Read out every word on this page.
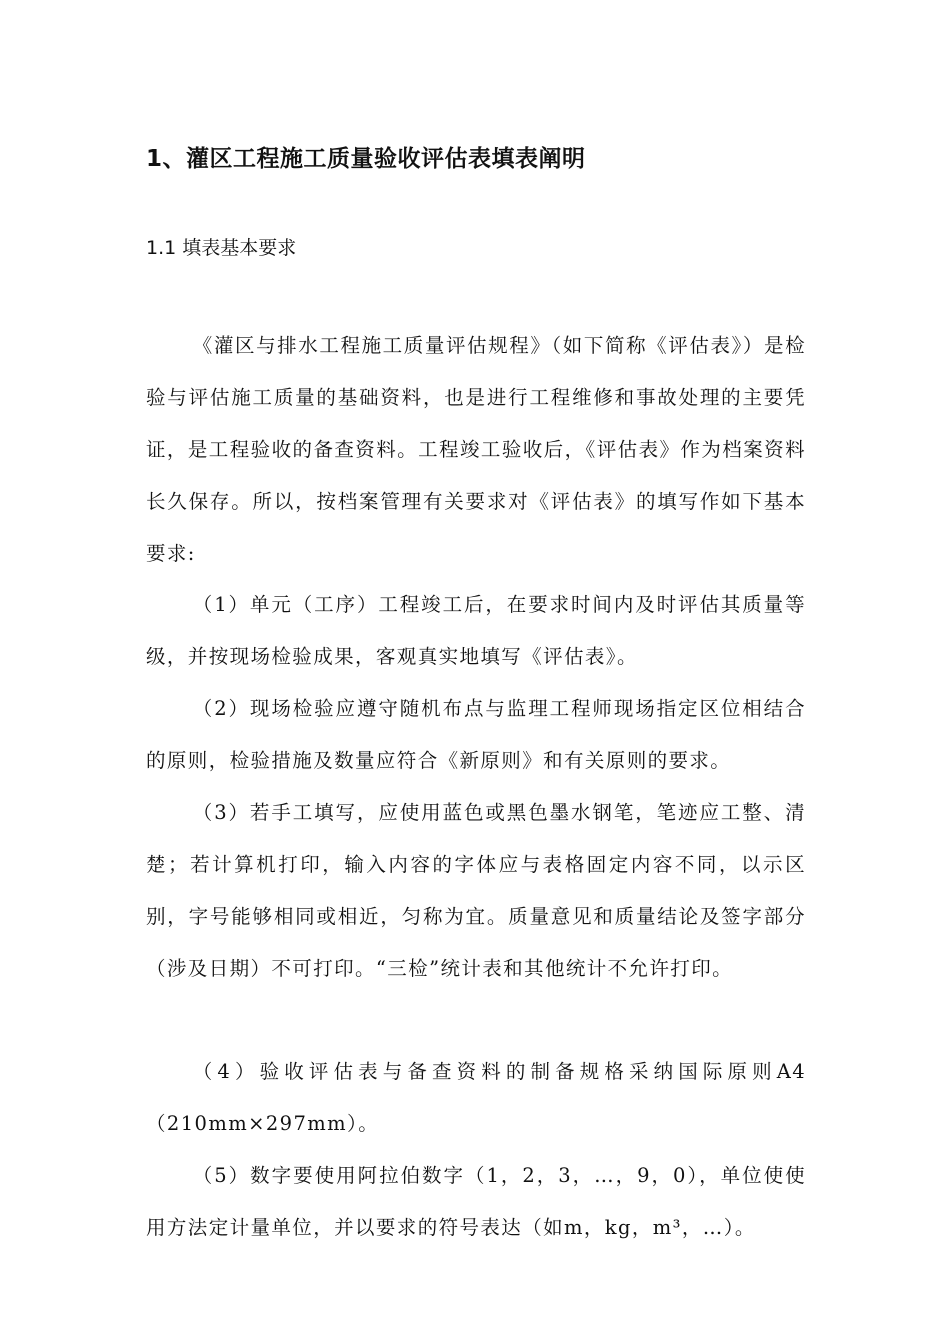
1、灌区工程施工质量验收评估表填表阐明
1.1 填表基本要求

《灌区与排水工程施工质量评估规程》（如下简称《评估表》）是检验与评估施工质量的基础资料，也是进行工程维修和事故处理的主要凭证，是工程验收的备查资料。工程竣工验收后，《评估表》作为档案资料长久保存。所以，按档案管理有关要求对《评估表》的填写作如下基本要求:

（1）单元（工序）工程竣工后，在要求时间内及时评估其质量等级，并按现场检验成果，客观真实地填写《评估表》。

（2）现场检验应遵守随机布点与监理工程师现场指定区位相结合的原则，检验措施及数量应符合《新原则》和有关原则的要求。

（3）若手工填写，应使用蓝色或黑色墨水钢笔，笔迹应工整、清楚；若计算机打印，输入内容的字体应与表格固定内容不同，以示区别，字号能够相同或相近，匀称为宜。质量意见和质量结论及签字部分（涉及日期）不可打印。“三检”统计表和其他统计不允许打印。

（4）验收评估表与备查资料的制备规格采纳国际原则A4（210mm×297mm）。

（5）数字要使用阿拉伯数字（1，2，3，…，9，0），单位使使用方法定计量单位，并以要求的符号表达（如m，kg，m³，…）。
